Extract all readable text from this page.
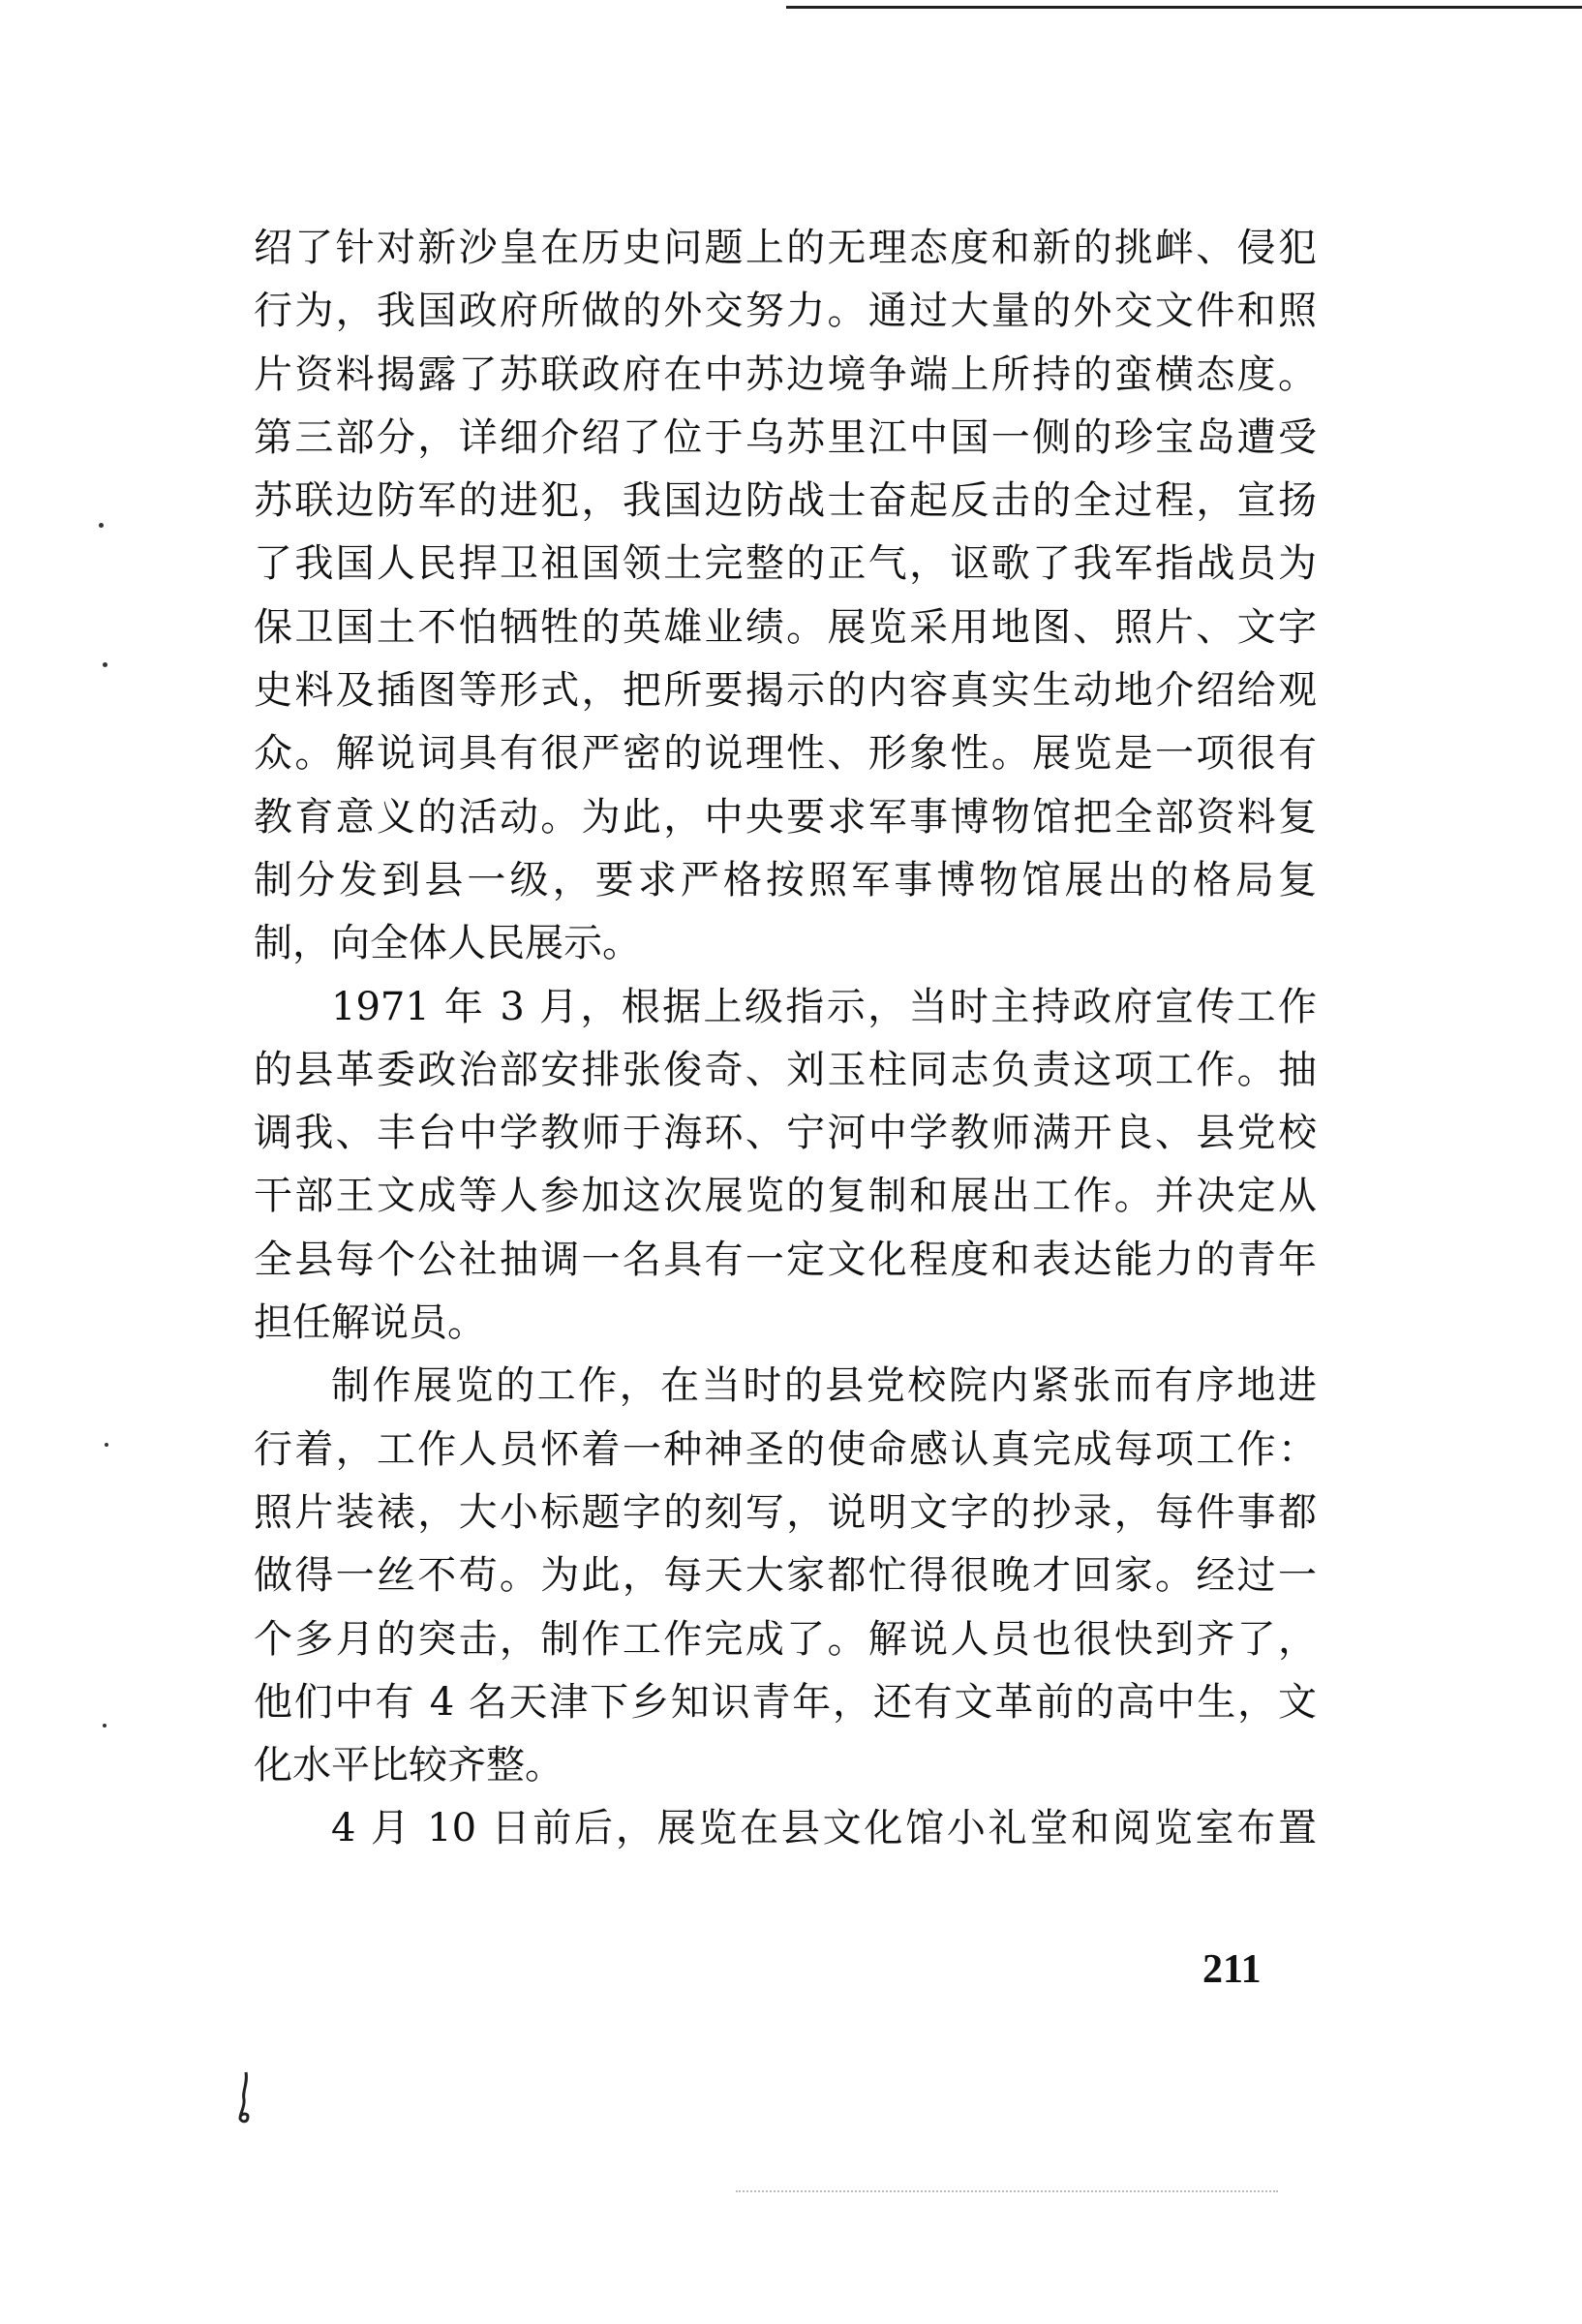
绍了针对新沙皇在历史问题上的无理态度和新的挑衅、侵犯
行为，我国政府所做的外交努力。通过大量的外交文件和照
片资料揭露了苏联政府在中苏边境争端上所持的蛮横态度。
第三部分，详细介绍了位于乌苏里江中国一侧的珍宝岛遭受
苏联边防军的进犯，我国边防战士奋起反击的全过程，宣扬
了我国人民捍卫祖国领土完整的正气，讴歌了我军指战员为
保卫国土不怕牺牲的英雄业绩。展览采用地图、照片、文字
史料及插图等形式，把所要揭示的内容真实生动地介绍给观
众。解说词具有很严密的说理性、形象性。展览是一项很有
教育意义的活动。为此，中央要求军事博物馆把全部资料复
制分发到县一级，要求严格按照军事博物馆展出的格局复
制，向全体人民展示。
1971 年 3 月，根据上级指示，当时主持政府宣传工作
的县革委政治部安排张俊奇、刘玉柱同志负责这项工作。抽
调我、丰台中学教师于海环、宁河中学教师满开良、县党校
干部王文成等人参加这次展览的复制和展出工作。并决定从
全县每个公社抽调一名具有一定文化程度和表达能力的青年
担任解说员。
制作展览的工作，在当时的县党校院内紧张而有序地进
行着，工作人员怀着一种神圣的使命感认真完成每项工作：
照片装裱，大小标题字的刻写，说明文字的抄录，每件事都
做得一丝不苟。为此，每天大家都忙得很晚才回家。经过一
个多月的突击，制作工作完成了。解说人员也很快到齐了，
他们中有 4 名天津下乡知识青年，还有文革前的高中生，文
化水平比较齐整。
4 月 10 日前后，展览在县文化馆小礼堂和阅览室布置
211
